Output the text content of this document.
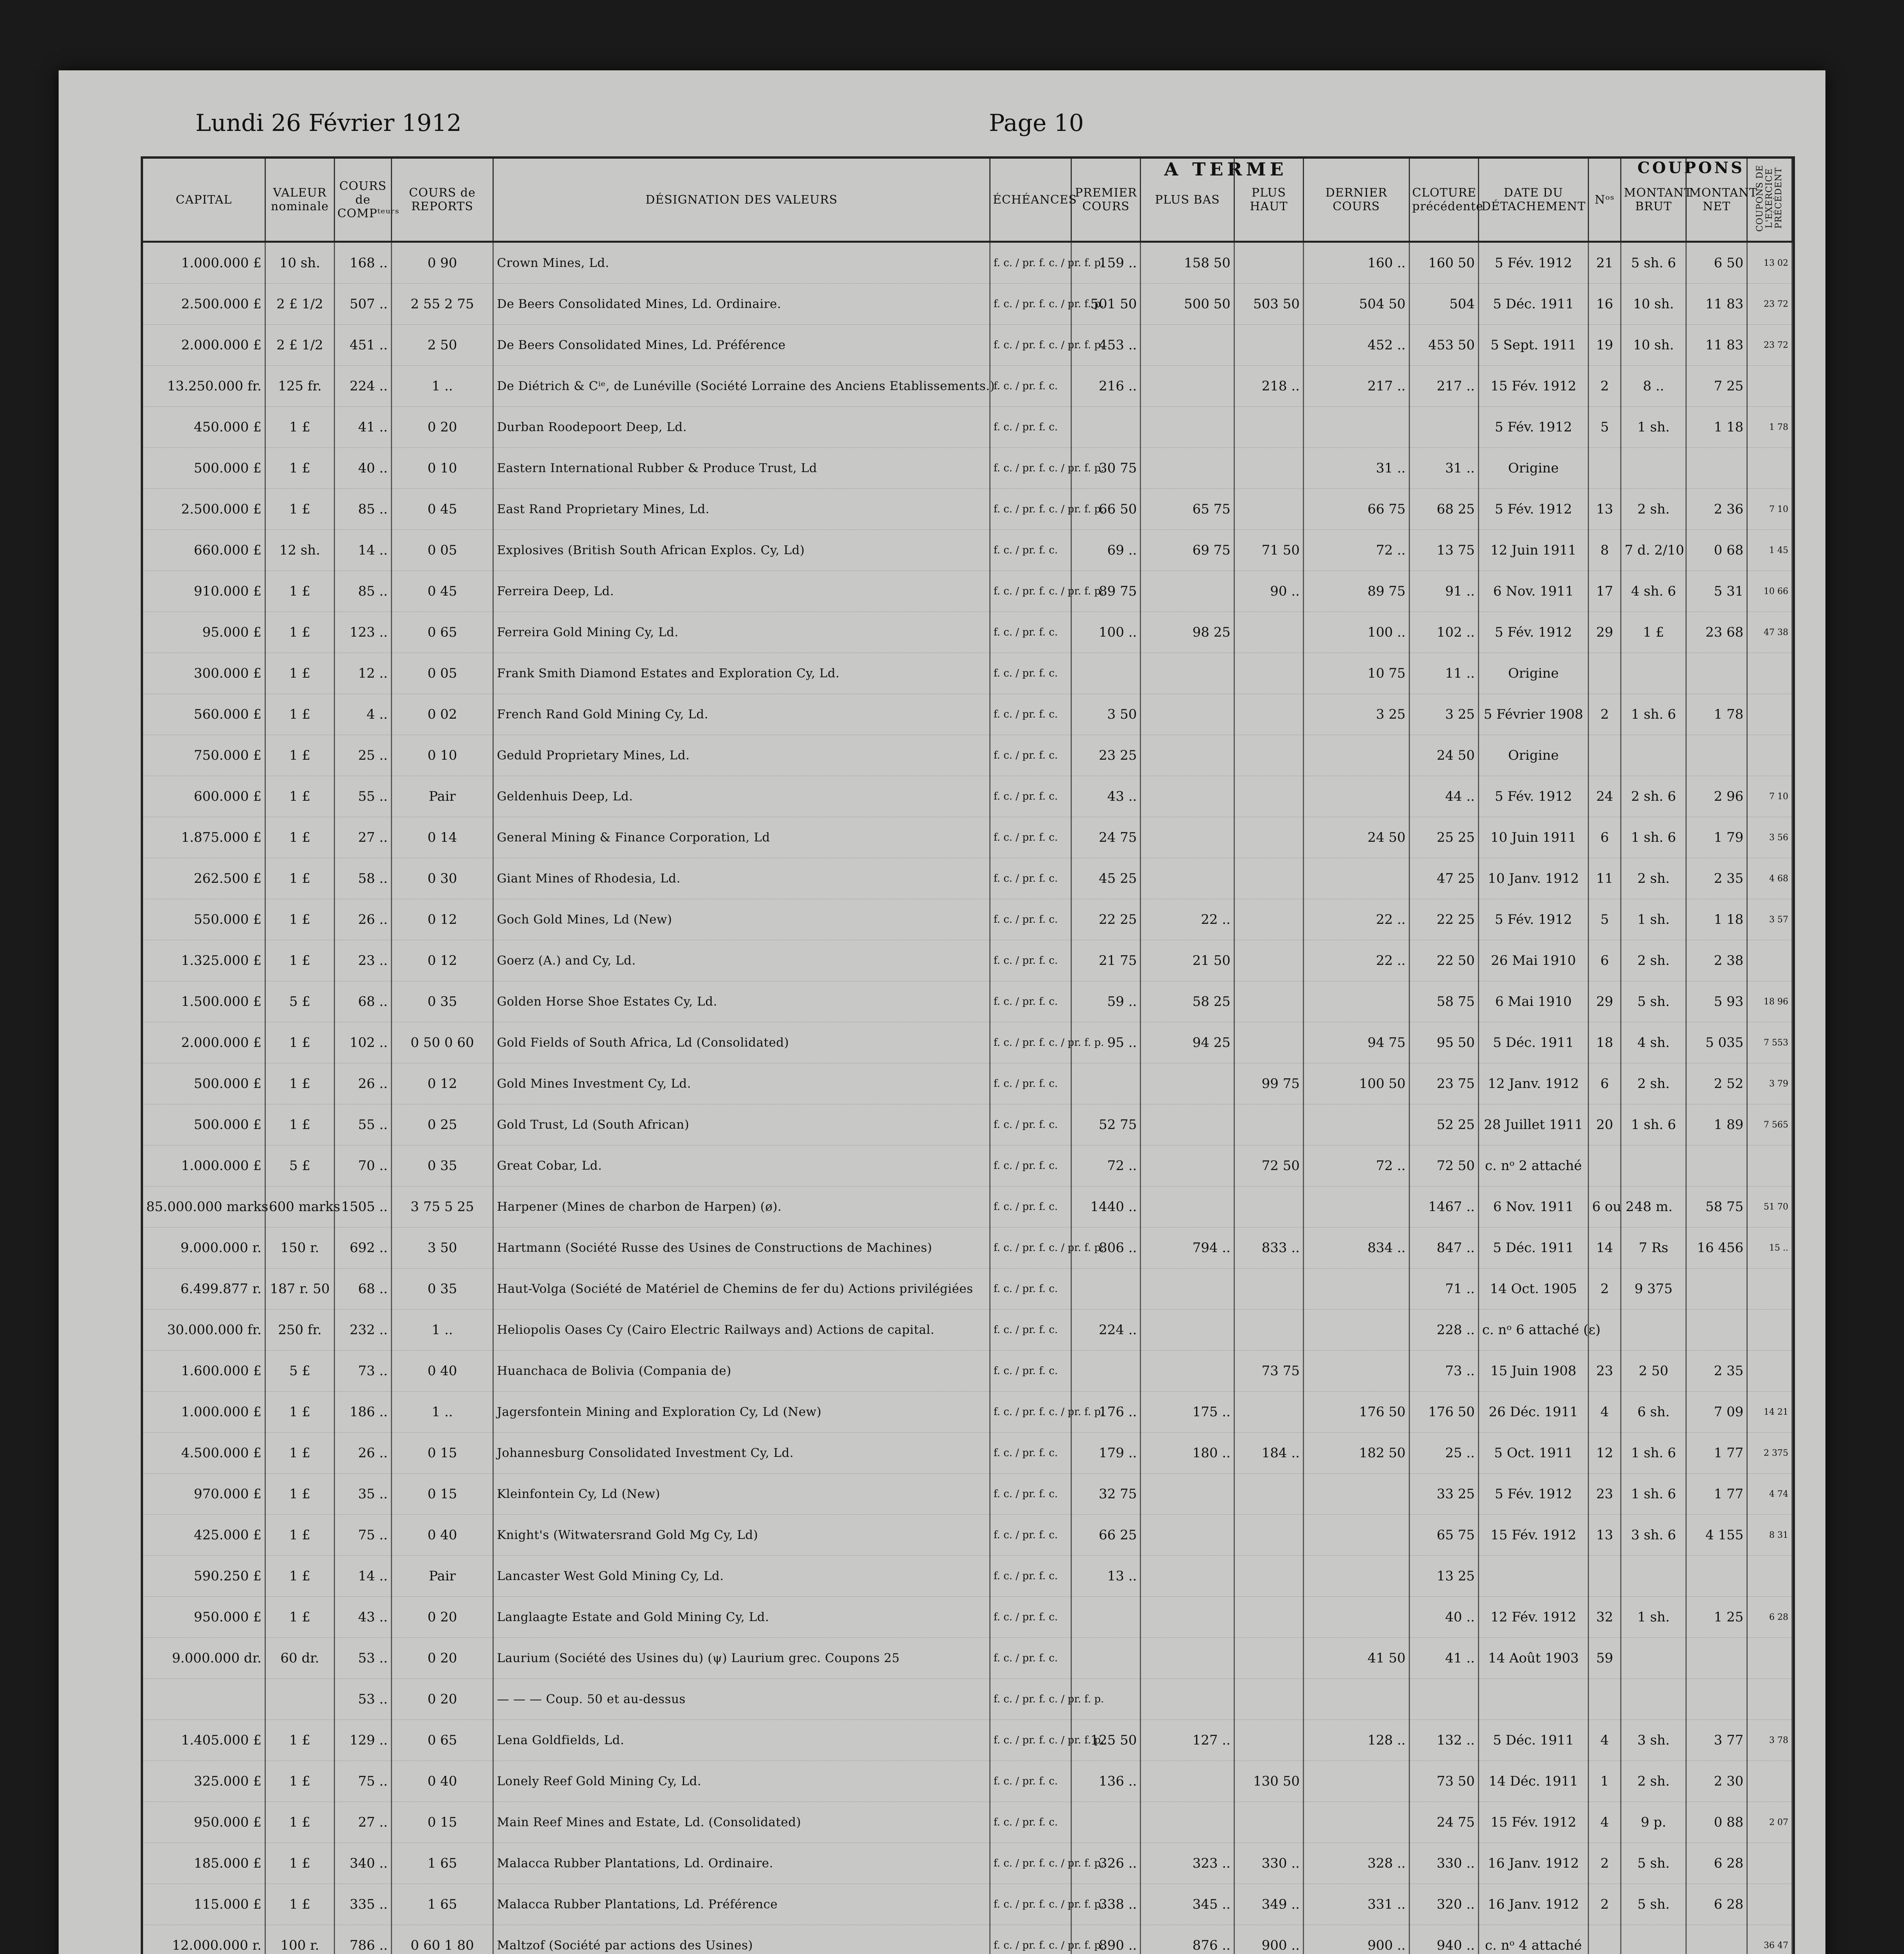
Lundi 26 Février 1912	Page 10
A TERME	COUPONS
CAPITAL	VALEUR nominale	COURS de COMPᵗᵉᵘʳˢ	COURS de REPORTS	DÉSIGNATION DES VALEURS	ÉCHÉANCES	PREMIER COURS	PLUS BAS	PLUS HAUT	DERNIER COURS	CLOTURE précédente	DATE DU DÉTACHEMENT	Nᵒˢ	MONTANT BRUT	MONTANT NET	COUPONS DE L'EXERCICE PRÉCÉDENT
1.000.000 £	10 sh.	168 ..	0 90	Crown Mines, Ld.	f. c. / pr. f. c. / pr. f. p.	159 ..	158 50		160 ..	160 50	5 Fév. 1912	21	5 sh. 6	6 50	13 02
2.500.000 £	2 £ 1/2	507 ..	2 55 2 75	De Beers Consolidated Mines, Ld. Ordinaire.	f. c. / pr. f. c. / pr. f. p.	501 50	500 50	503 50	504 50	504	5 Déc. 1911	16	10 sh.	11 83	23 72
2.000.000 £	2 £ 1/2	451 ..	2 50	De Beers Consolidated Mines, Ld. Préférence	f. c. / pr. f. c. / pr. f. p.	453 ..			452 ..	453 50	5 Sept. 1911	19	10 sh.	11 83	23 72
13.250.000 fr.	125 fr.	224 ..	1 ..	De Diétrich & Cⁱᵉ, de Lunéville (Société Lorraine des Anciens Etablissements.)	f. c. / pr. f. c.	216 ..		218 ..	217 ..	217 ..	15 Fév. 1912	2	8 ..	7 25	
450.000 £	1 £	41 ..	0 20	Durban Roodepoort Deep, Ld.	f. c. / pr. f. c.						5 Fév. 1912	5	1 sh.	1 18	1 78
500.000 £	1 £	40 ..	0 10	Eastern International Rubber & Produce Trust, Ld	f. c. / pr. f. c. / pr. f. p.	30 75			31 ..	31 ..	Origine				
2.500.000 £	1 £	85 ..	0 45	East Rand Proprietary Mines, Ld.	f. c. / pr. f. c. / pr. f. p.	66 50	65 75		66 75	68 25	5 Fév. 1912	13	2 sh.	2 36	7 10
660.000 £	12 sh.	14 ..	0 05	Explosives (British South African Explos. Cy, Ld)	f. c. / pr. f. c.	69 ..	69 75	71 50	72 ..	13 75	12 Juin 1911	8	7 d. 2/10	0 68	1 45
910.000 £	1 £	85 ..	0 45	Ferreira Deep, Ld.	f. c. / pr. f. c. / pr. f. p.	89 75		90 ..	89 75	91 ..	6 Nov. 1911	17	4 sh. 6	5 31	10 66
95.000 £	1 £	123 ..	0 65	Ferreira Gold Mining Cy, Ld.	f. c. / pr. f. c.	100 ..	98 25		100 ..	102 ..	5 Fév. 1912	29	1 £	23 68	47 38
300.000 £	1 £	12 ..	0 05	Frank Smith Diamond Estates and Exploration Cy, Ld.	f. c. / pr. f. c.				10 75	11 ..	Origine				
560.000 £	1 £	4 ..	0 02	French Rand Gold Mining Cy, Ld.	f. c. / pr. f. c.	3 50			3 25	3 25	5 Février 1908	2	1 sh. 6	1 78	
750.000 £	1 £	25 ..	0 10	Geduld Proprietary Mines, Ld.	f. c. / pr. f. c.	23 25				24 50	Origine				
600.000 £	1 £	55 ..	Pair	Geldenhuis Deep, Ld.	f. c. / pr. f. c.	43 ..				44 ..	5 Fév. 1912	24	2 sh. 6	2 96	7 10
1.875.000 £	1 £	27 ..	0 14	General Mining & Finance Corporation, Ld	f. c. / pr. f. c.	24 75			24 50	25 25	10 Juin 1911	6	1 sh. 6	1 79	3 56
262.500 £	1 £	58 ..	0 30	Giant Mines of Rhodesia, Ld.	f. c. / pr. f. c.	45 25				47 25	10 Janv. 1912	11	2 sh.	2 35	4 68
550.000 £	1 £	26 ..	0 12	Goch Gold Mines, Ld (New)	f. c. / pr. f. c.	22 25	22 ..		22 ..	22 25	5 Fév. 1912	5	1 sh.	1 18	3 57
1.325.000 £	1 £	23 ..	0 12	Goerz (A.) and Cy, Ld.	f. c. / pr. f. c.	21 75	21 50		22 ..	22 50	26 Mai 1910	6	2 sh.	2 38	
1.500.000 £	5 £	68 ..	0 35	Golden Horse Shoe Estates Cy, Ld.	f. c. / pr. f. c.	59 ..	58 25			58 75	6 Mai 1910	29	5 sh.	5 93	18 96
2.000.000 £	1 £	102 ..	0 50 0 60	Gold Fields of South Africa, Ld (Consolidated)	f. c. / pr. f. c. / pr. f. p.	95 ..	94 25		94 75	95 50	5 Déc. 1911	18	4 sh.	5 035	7 553
500.000 £	1 £	26 ..	0 12	Gold Mines Investment Cy, Ld.	f. c. / pr. f. c.			99 75	100 50	23 75	12 Janv. 1912	6	2 sh.	2 52	3 79
500.000 £	1 £	55 ..	0 25	Gold Trust, Ld (South African)	f. c. / pr. f. c.	52 75				52 25	28 Juillet 1911	20	1 sh. 6	1 89	7 565
1.000.000 £	5 £	70 ..	0 35	Great Cobar, Ld.	f. c. / pr. f. c.	72 ..		72 50	72 ..	72 50	c. nᵒ 2 attaché				
85.000.000 marks	600 marks	1505 ..	3 75 5 25	Harpener (Mines de charbon de Harpen) (ø).	f. c. / pr. f. c.	1440 ..				1467 ..	6 Nov. 1911	6 ou 2	48 m.	58 75	51 70
9.000.000 r.	150 r.	692 ..	3 50	Hartmann (Société Russe des Usines de Constructions de Machines)	f. c. / pr. f. c. / pr. f. p.	806 ..	794 ..	833 ..	834 ..	847 ..	5 Déc. 1911	14	7 Rs	16 456	15 ..
6.499.877 r.	187 r. 50	68 ..	0 35	Haut-Volga (Société de Matériel de Chemins de fer du) Actions privilégiées	f. c. / pr. f. c.					71 ..	14 Oct. 1905	2	9 375		
30.000.000 fr.	250 fr.	232 ..	1 ..	Heliopolis Oases Cy (Cairo Electric Railways and) Actions de capital.	f. c. / pr. f. c.	224 ..				228 ..	c. nᵒ 6 attaché (ε)				
1.600.000 £	5 £	73 ..	0 40	Huanchaca de Bolivia (Compania de)	f. c. / pr. f. c.			73 75		73 ..	15 Juin 1908	23	2 50	2 35	
1.000.000 £	1 £	186 ..	1 ..	Jagersfontein Mining and Exploration Cy, Ld (New)	f. c. / pr. f. c. / pr. f. p.	176 ..	175 ..		176 50	176 50	26 Déc. 1911	4	6 sh.	7 09	14 21
4.500.000 £	1 £	26 ..	0 15	Johannesburg Consolidated Investment Cy, Ld.	f. c. / pr. f. c.	179 ..	180 ..	184 ..	182 50	25 ..	5 Oct. 1911	12	1 sh. 6	1 77	2 375
970.000 £	1 £	35 ..	0 15	Kleinfontein Cy, Ld (New)	f. c. / pr. f. c.	32 75				33 25	5 Fév. 1912	23	1 sh. 6	1 77	4 74
425.000 £	1 £	75 ..	0 40	Knight's (Witwatersrand Gold Mg Cy, Ld)	f. c. / pr. f. c.	66 25				65 75	15 Fév. 1912	13	3 sh. 6	4 155	8 31
590.250 £	1 £	14 ..	Pair	Lancaster West Gold Mining Cy, Ld.	f. c. / pr. f. c.	13 ..				13 25					
950.000 £	1 £	43 ..	0 20	Langlaagte Estate and Gold Mining Cy, Ld.	f. c. / pr. f. c.					40 ..	12 Fév. 1912	32	1 sh.	1 25	6 28
9.000.000 dr.	60 dr.	53 ..	0 20	Laurium (Société des Usines du) (ψ) Laurium grec. Coupons 25	f. c. / pr. f. c.				41 50	41 ..	14 Août 1903	59			
		53 ..	0 20	— — — Coup. 50 et au-dessus	f. c. / pr. f. c. / pr. f. p.										
1.405.000 £	1 £	129 ..	0 65	Lena Goldfields, Ld.	f. c. / pr. f. c. / pr. f. p.	125 50	127 ..		128 ..	132 ..	5 Déc. 1911	4	3 sh.	3 77	3 78
325.000 £	1 £	75 ..	0 40	Lonely Reef Gold Mining Cy, Ld.	f. c. / pr. f. c.	136 ..		130 50		73 50	14 Déc. 1911	1	2 sh.	2 30	
950.000 £	1 £	27 ..	0 15	Main Reef Mines and Estate, Ld. (Consolidated)	f. c. / pr. f. c.					24 75	15 Fév. 1912	4	9 p.	0 88	2 07
185.000 £	1 £	340 ..	1 65	Malacca Rubber Plantations, Ld. Ordinaire.	f. c. / pr. f. c. / pr. f. p.	326 ..	323 ..	330 ..	328 ..	330 ..	16 Janv. 1912	2	5 sh.	6 28	
115.000 £	1 £	335 ..	1 65	Malacca Rubber Plantations, Ld. Préférence	f. c. / pr. f. c. / pr. f. p.	338 ..	345 ..	349 ..	331 ..	320 ..	16 Janv. 1912	2	5 sh.	6 28	
12.000.000 r.	100 r.	786 ..	0 60 1 80	Maltzof (Société par actions des Usines)	f. c. / pr. f. c. / pr. f. p.	890 ..	876 ..	900 ..	900 ..	940 ..	c. nᵒ 4 attaché				36 47
